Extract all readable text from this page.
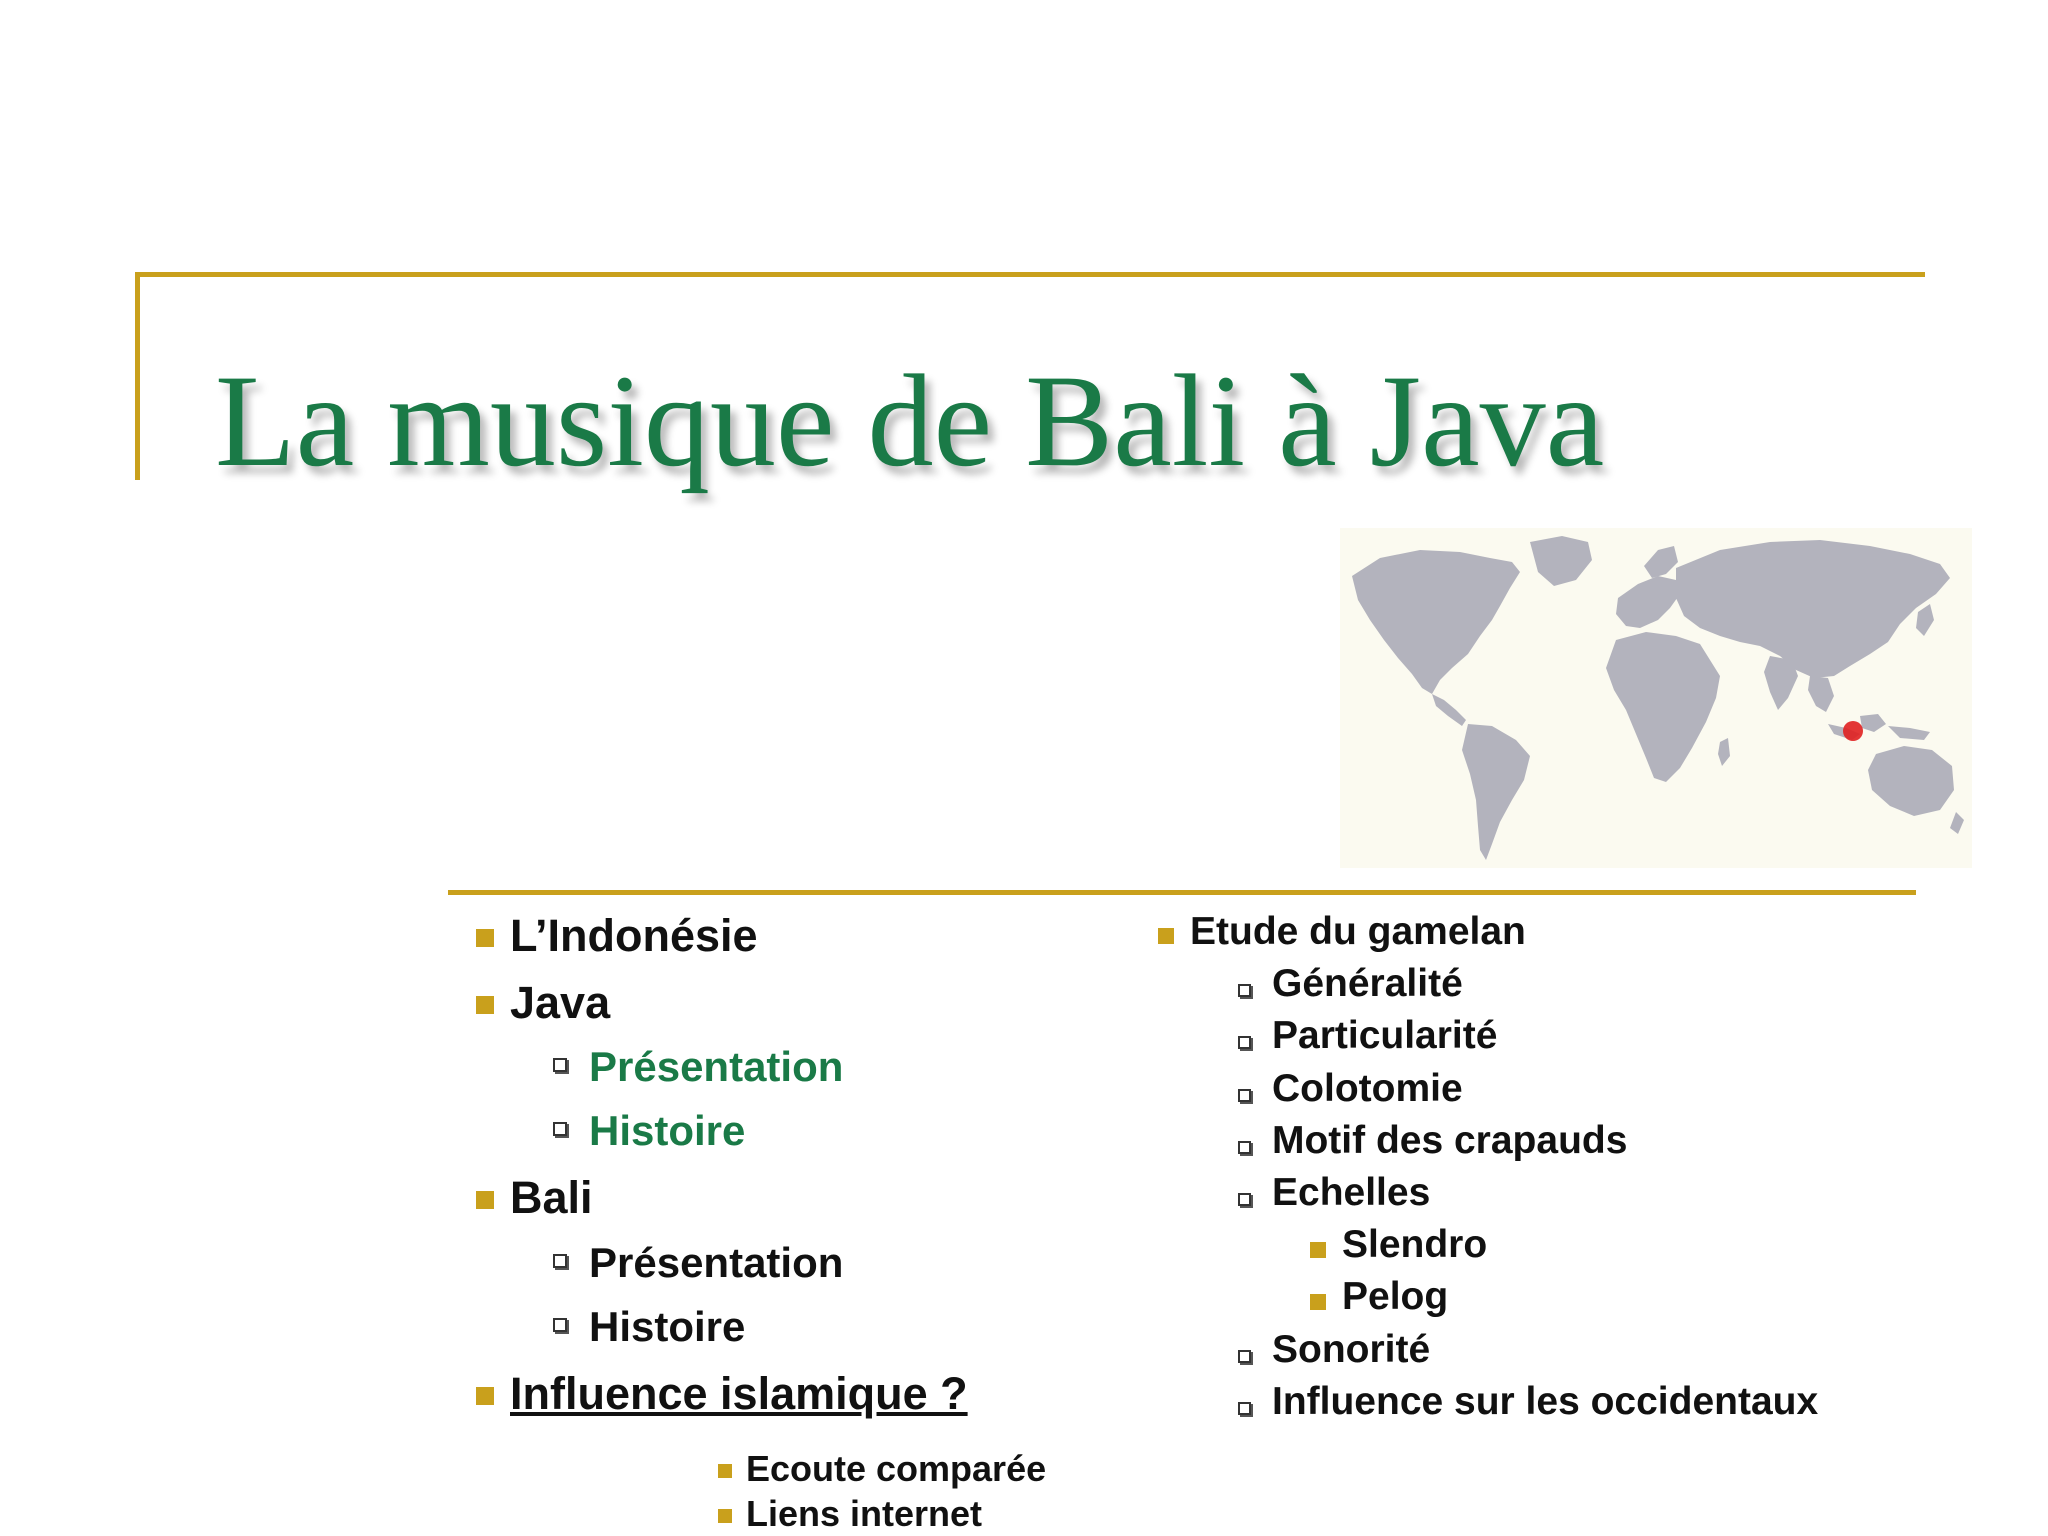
La musique de Bali à Java
L’Indonésie
Java
Présentation
Histoire
Bali
Présentation
Histoire
Influence islamique ?
Ecoute comparée
Liens internet
Etude du gamelan
Généralité
Particularité
Colotomie
Motif des crapauds
Echelles
Slendro
Pelog
Sonorité
Influence sur les occidentaux
